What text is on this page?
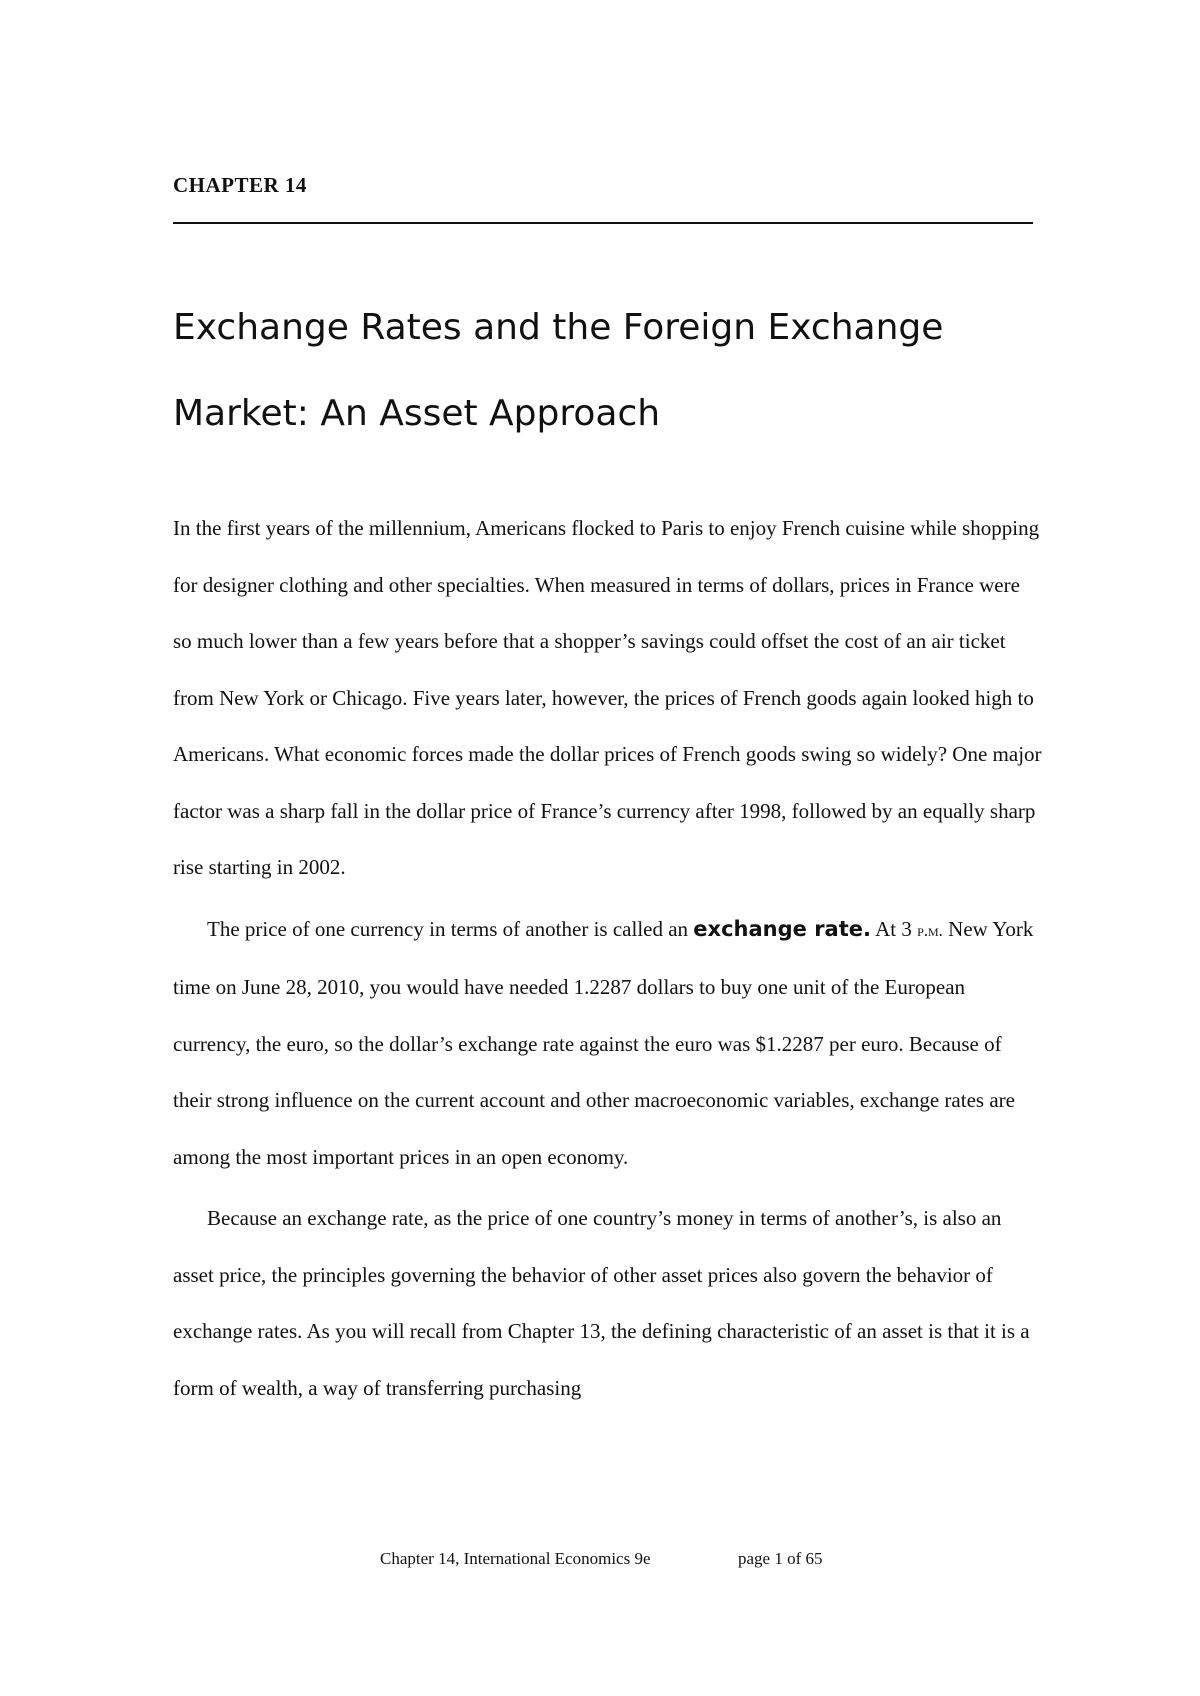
CHAPTER 14
Exchange Rates and the Foreign Exchange
Market: An Asset Approach

In the first years of the millennium, Americans flocked to Paris to enjoy French cuisine while shopping for designer clothing and other specialties. When measured in terms of dollars, prices in France were so much lower than a few years before that a shopper’s savings could offset the cost of an air ticket from New York or Chicago. Five years later, however, the prices of French goods again looked high to Americans. What economic forces made the dollar prices of French goods swing so widely? One major factor was a sharp fall in the dollar price of France’s currency after 1998, followed by an equally sharp rise starting in 2002.

The price of one currency in terms of another is called an exchange rate. At 3 p.m. New York time on June 28, 2010, you would have needed 1.2287 dollars to buy one unit of the European currency, the euro, so the dollar’s exchange rate against the euro was $1.2287 per euro. Because of their strong influence on the current account and other macroeconomic variables, exchange rates are among the most important prices in an open economy.

Because an exchange rate, as the price of one country’s money in terms of another’s, is also an asset price, the principles governing the behavior of other asset prices also govern the behavior of exchange rates. As you will recall from Chapter 13, the defining characteristic of an asset is that it is a form of wealth, a way of transferring purchasing

Chapter 14, International Economics 9e	page 1 of 65
